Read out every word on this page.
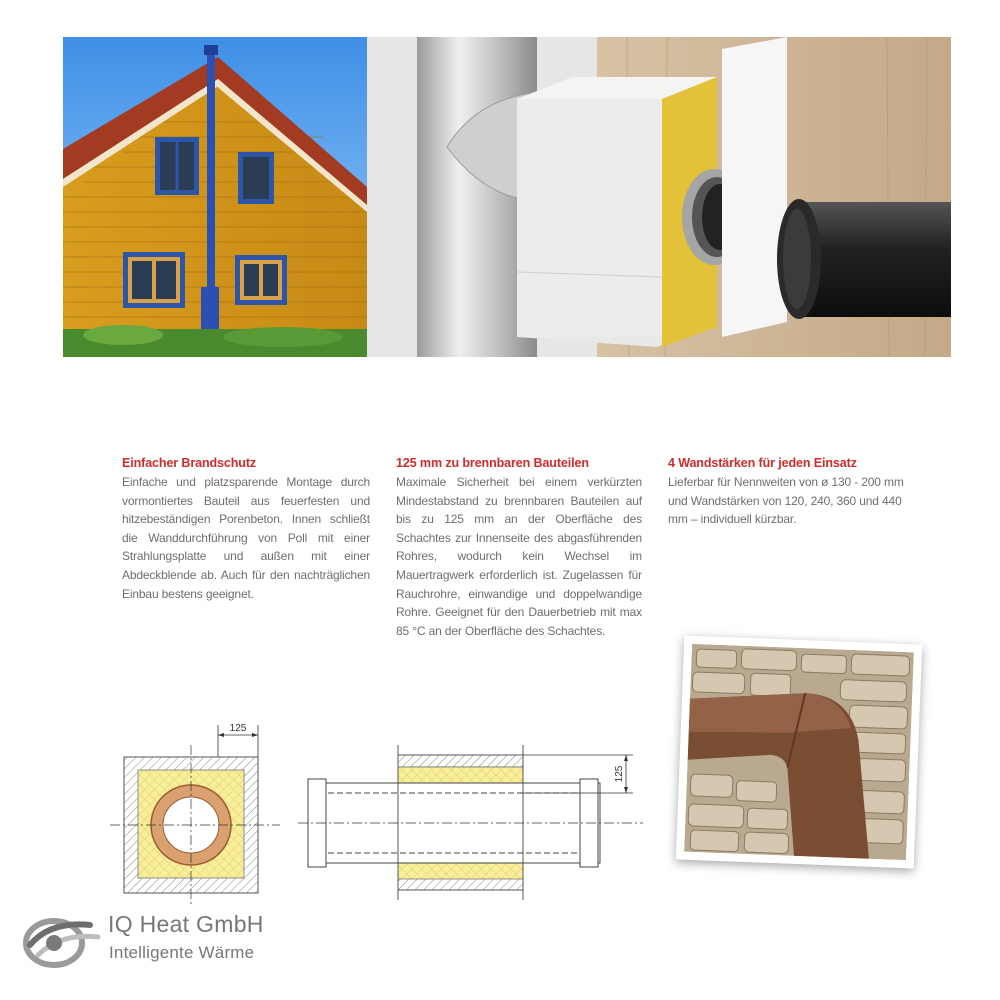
Einfacher Brandschutz

Einfache und platzsparende Montage durch vormontiertes Bauteil aus feuerfesten und hitzebeständigen Porenbeton. Innen schließt die Wanddurchführung von Poll mit einer Strahlungsplatte und außen mit einer Abdeckblende ab. Auch für den nachträglichen Einbau bestens geeignet.

125 mm zu brennbaren Bauteilen

Maximale Sicherheit bei einem verkürzten Mindestabstand zu brennbaren Bauteilen auf bis zu 125 mm an der Oberfläche des Schachtes zur Innenseite des abgasführenden Rohres, wodurch kein Wechsel im Mauertragwerk erforderlich ist. Zugelassen für Rauchrohre, einwandige und doppelwandige Rohre. Geeignet für den Dauerbetrieb mit max 85 °C an der Oberfläche des Schachtes.

4 Wandstärken für jeden Einsatz

Lieferbar für Nennweiten von ø 130 - 200 mm und Wandstärken von 120, 240, 360 und 440 mm – individuell kürzbar.

125
125
IQ Heat GmbH
Intelligente Wärme
